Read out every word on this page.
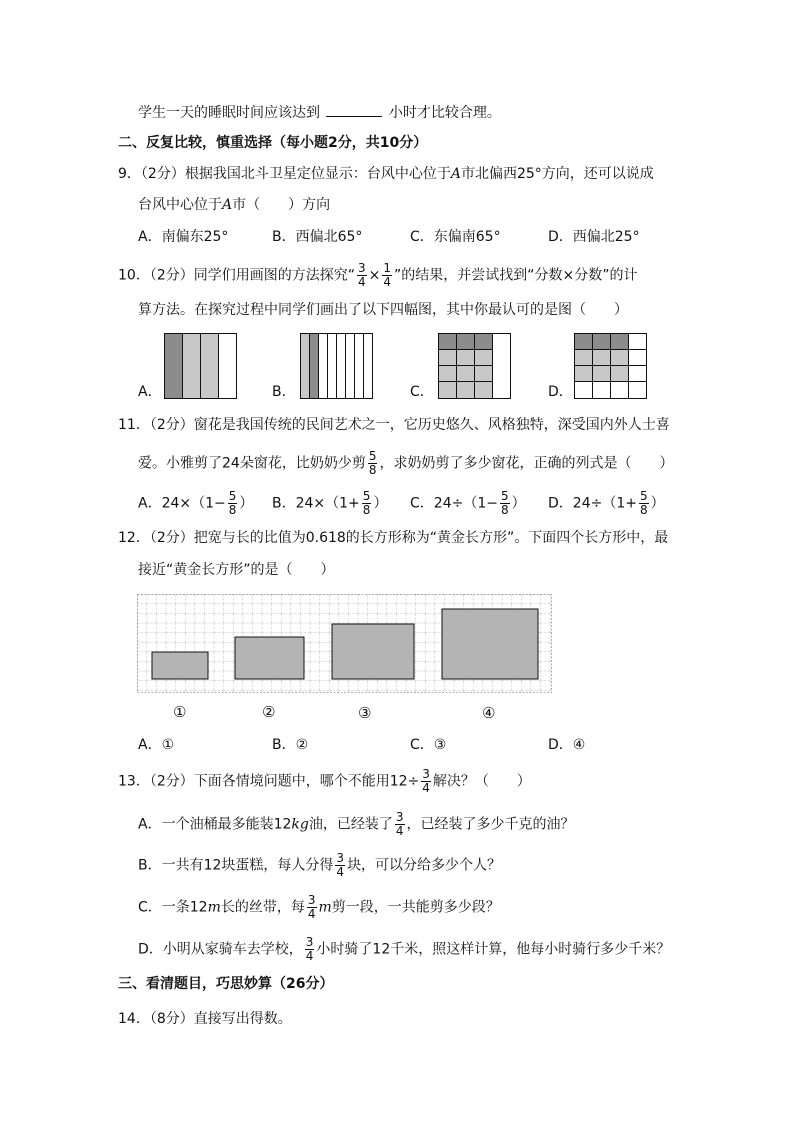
学生一天的睡眠时间应该达到	小时才比较合理。
二、反复比较，慎重选择（每小题2分，共10分）
9．（2分）根据我国北斗卫星定位显示：台风中心位于A市北偏西25°方向，还可以说成
台风中心位于A市（　　）方向
A．南偏东25°	B．西偏北65°	C．东偏南65°	D．西偏北25°
10．（2分）同学们用画图的方法探究“ $\frac{3}{4} \times \frac{1}{4}$ ”的结果，并尝试找到“分数×分数”的计
算方法。在探究过程中同学们画出了以下四幅图，其中你最认可的是图（　　）
A．	B．	C．	D．
11．（2分）窗花是我国传统的民间艺术之一，它历史悠久、风格独特，深受国内外人士喜
爱。小雅剪了24朵窗花，比奶奶少剪 $\frac{5}{8}$ ，求奶奶剪了多少窗花，正确的列式是（　　）
A．$24\times(1- \frac{5}{8}$ ） B．$24\times(1+ \frac{5}{8}$ ） C．$24\div(1- \frac{5}{8}$ ） D．$24\div(1+ \frac{5}{8}$ ）
12．（2分）把宽与长的比值为0.618的长方形称为“黄金长方形”。下面四个长方形中，最
接近“黄金长方形”的是（　　）
①	②	③	④
A．①	B．②	C．③	D．④
13．（2分）下面各情境问题中，哪个不能用$12\div \frac{3}{4}$ 解决？（　　）
A．一个油桶最多能装12kg油，已经装了 $\frac{3}{4}$ ，已经装了多少千克的油？
B．一共有12块蛋糕，每人分得 $\frac{3}{4}$ 块，可以分给多少个人？
C．一条12m长的丝带，每 $\frac{3}{4}$ m剪一段，一共能剪多少段？
D．小明从家骑车去学校， $\frac{3}{4}$ 小时骑了12千米，照这样计算，他每小时骑行多少千米？
三、看清题目，巧思妙算（26分）
14．（8分）直接写出得数。
